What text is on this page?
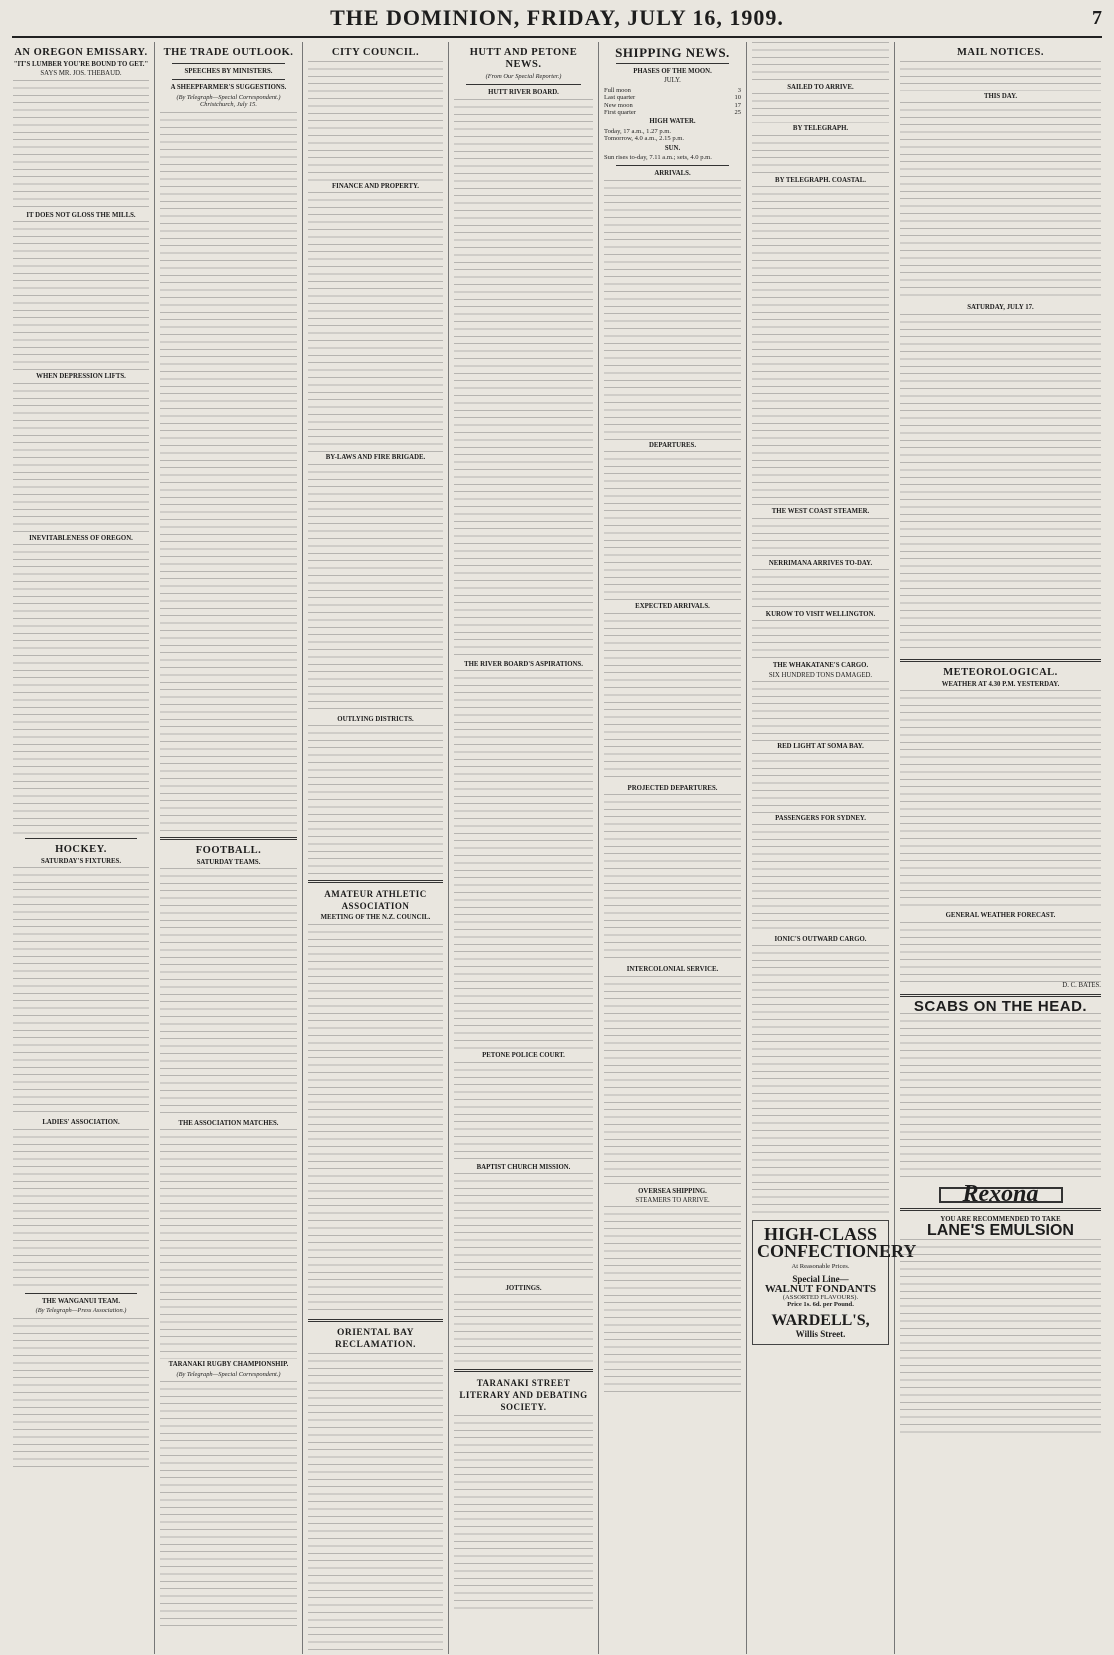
THE DOMINION, FRIDAY, JULY 16, 1909.	7
AN OREGON EMISSARY.
"IT'S LUMBER YOU'RE BOUND TO GET."
SAYS MR. JOS. THEBAUD.
IT DOES NOT GLOSS THE MILLS.
WHEN DEPRESSION LIFTS.
INEVITABLENESS OF OREGON.
HOCKEY.
SATURDAY'S FIXTURES.
LADIES' ASSOCIATION.
THE WANGANUI TEAM.
(By Telegraph—Press Association.)
THE TRADE OUTLOOK.
SPEECHES BY MINISTERS.
A SHEEPFARMER'S SUGGESTIONS.
(By Telegraph—Special Correspondent.) Christchurch, July 15.
FOOTBALL.
SATURDAY TEAMS.
THE ASSOCIATION MATCHES.
TARANAKI RUGBY CHAMPIONSHIP.
(By Telegraph—Special Correspondent.)
CITY COUNCIL.
FINANCE AND PROPERTY.
BY-LAWS AND FIRE BRIGADE.
OUTLYING DISTRICTS.
AMATEUR ATHLETIC ASSOCIATION
MEETING OF THE N.Z. COUNCIL.
ORIENTAL BAY RECLAMATION.
HUTT AND PETONE NEWS.
(From Our Special Reporter.)
HUTT RIVER BOARD.
THE RIVER BOARD'S ASPIRATIONS.
PETONE POLICE COURT.
BAPTIST CHURCH MISSION.
JOTTINGS.
TARANAKI STREET LITERARY AND DEBATING SOCIETY.
SHIPPING NEWS.
PHASES OF THE MOON.
JULY.
Full moon	3
Last quarter	10
New moon	17
First quarter	25
HIGH WATER.
Today, 17 a.m., 1.27 p.m.
Tomorrow, 4.0 a.m., 2.15 p.m.
SUN.
Sun rises to-day, 7.11 a.m.; sets, 4.0 p.m.
ARRIVALS.
DEPARTURES.
EXPECTED ARRIVALS.
PROJECTED DEPARTURES.
INTERCOLONIAL SERVICE.
OVERSEA SHIPPING.
STEAMERS TO ARRIVE.
SAILED TO ARRIVE.
BY TELEGRAPH.
BY TELEGRAPH. COASTAL.
THE WEST COAST STEAMER.
NERRIMANA ARRIVES TO-DAY.
KUROW TO VISIT WELLINGTON.
THE WHAKATANE'S CARGO.
SIX HUNDRED TONS DAMAGED.
RED LIGHT AT SOMA BAY.
PASSENGERS FOR SYDNEY.
IONIC'S OUTWARD CARGO.
HIGH-CLASS
CONFECTIONERY
At Reasonable Prices.
Special Line—
WALNUT FONDANTS
(ASSORTED FLAVOURS).
Price 1s. 6d. per Pound.
WARDELL'S,
Willis Street.
MAIL NOTICES.
THIS DAY.
SATURDAY, JULY 17.
METEOROLOGICAL.
WEATHER AT 4.30 P.M. YESTERDAY.
GENERAL WEATHER FORECAST.
D. C. BATES.
SCABS ON THE HEAD.
Rexona
YOU ARE RECOMMENDED TO TAKE
LANE'S EMULSION
